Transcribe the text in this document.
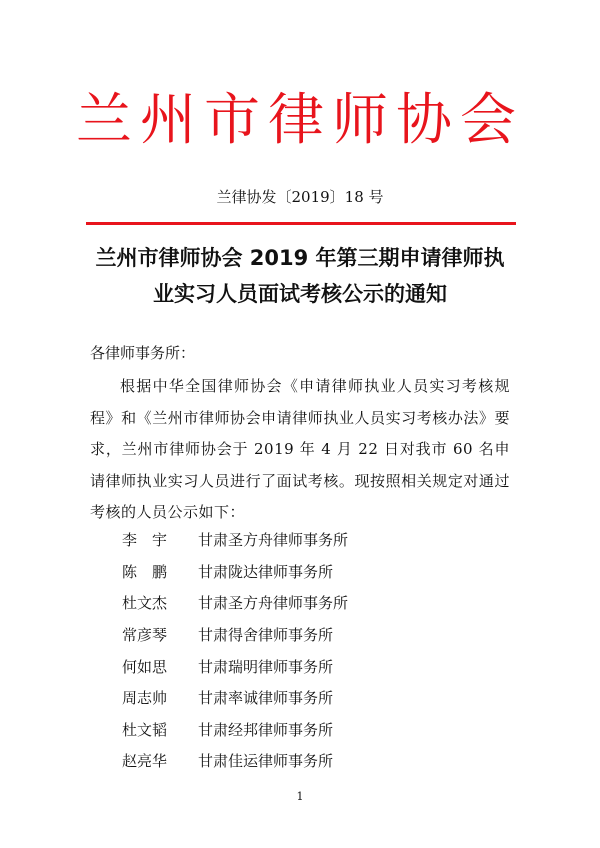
兰州市律师协会
兰律协发〔2019〕18 号
兰州市律师协会 2019 年第三期申请律师执
业实习人员面试考核公示的通知
各律师事务所：
根据中华全国律师协会《申请律师执业人员实习考核规程》和《兰州市律师协会申请律师执业人员实习考核办法》要求，兰州市律师协会于 2019 年 4 月 22 日对我市 60 名申请律师执业实习人员进行了面试考核。现按照相关规定对通过考核的人员公示如下：
李　宇	甘肃圣方舟律师事务所
陈　鹏	甘肃陇达律师事务所
杜文杰	甘肃圣方舟律师事务所
常彦琴	甘肃得舍律师事务所
何如思	甘肃瑞明律师事务所
周志帅	甘肃率诚律师事务所
杜文韬	甘肃经邦律师事务所
赵亮华	甘肃佳运律师事务所
1
